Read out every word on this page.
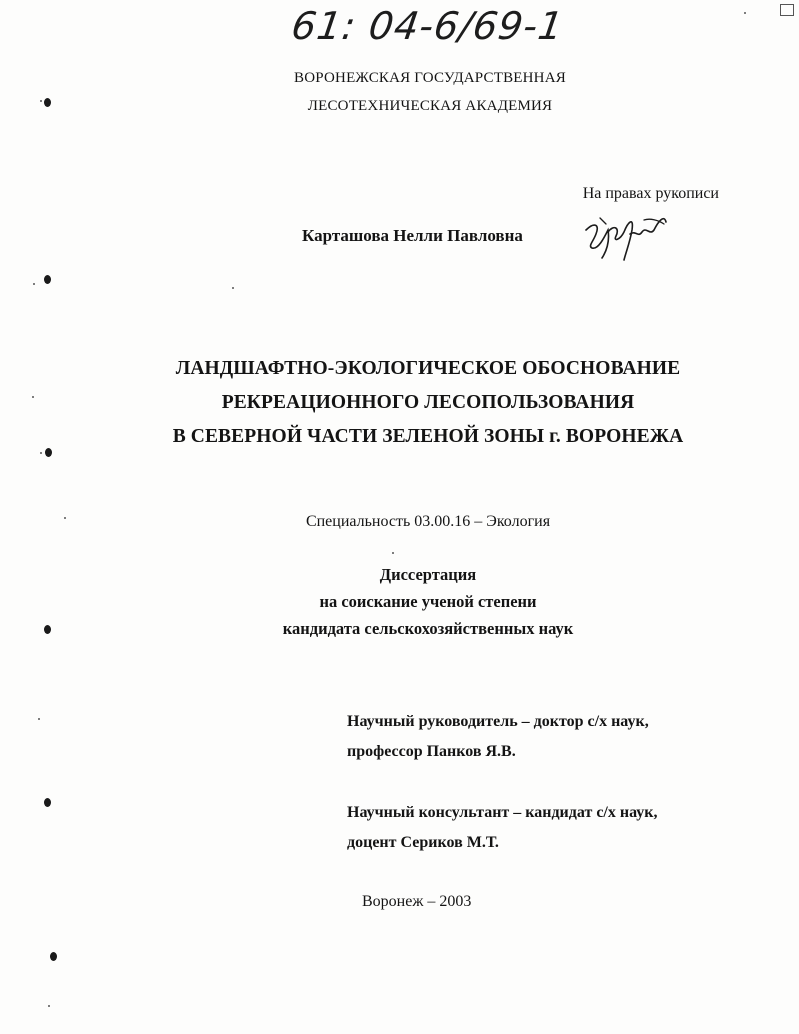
61: 04-6/69-1
ВОРОНЕЖСКАЯ ГОСУДАРСТВЕННАЯ
ЛЕСОТЕХНИЧЕСКАЯ АКАДЕМИЯ
На правах рукописи
Карташова Нелли Павловна
ЛАНДШАФТНО-ЭКОЛОГИЧЕСКОЕ ОБОСНОВАНИЕ
РЕКРЕАЦИОННОГО ЛЕСОПОЛЬЗОВАНИЯ
В СЕВЕРНОЙ ЧАСТИ ЗЕЛЕНОЙ ЗОНЫ г. ВОРОНЕЖА
Специальность 03.00.16 – Экология
Диссертация
на соискание ученой степени
кандидата сельскохозяйственных наук
Научный руководитель – доктор с/х наук,
профессор Панков Я.В.
Научный консультант – кандидат с/х наук,
доцент Сериков М.Т.
Воронеж – 2003
